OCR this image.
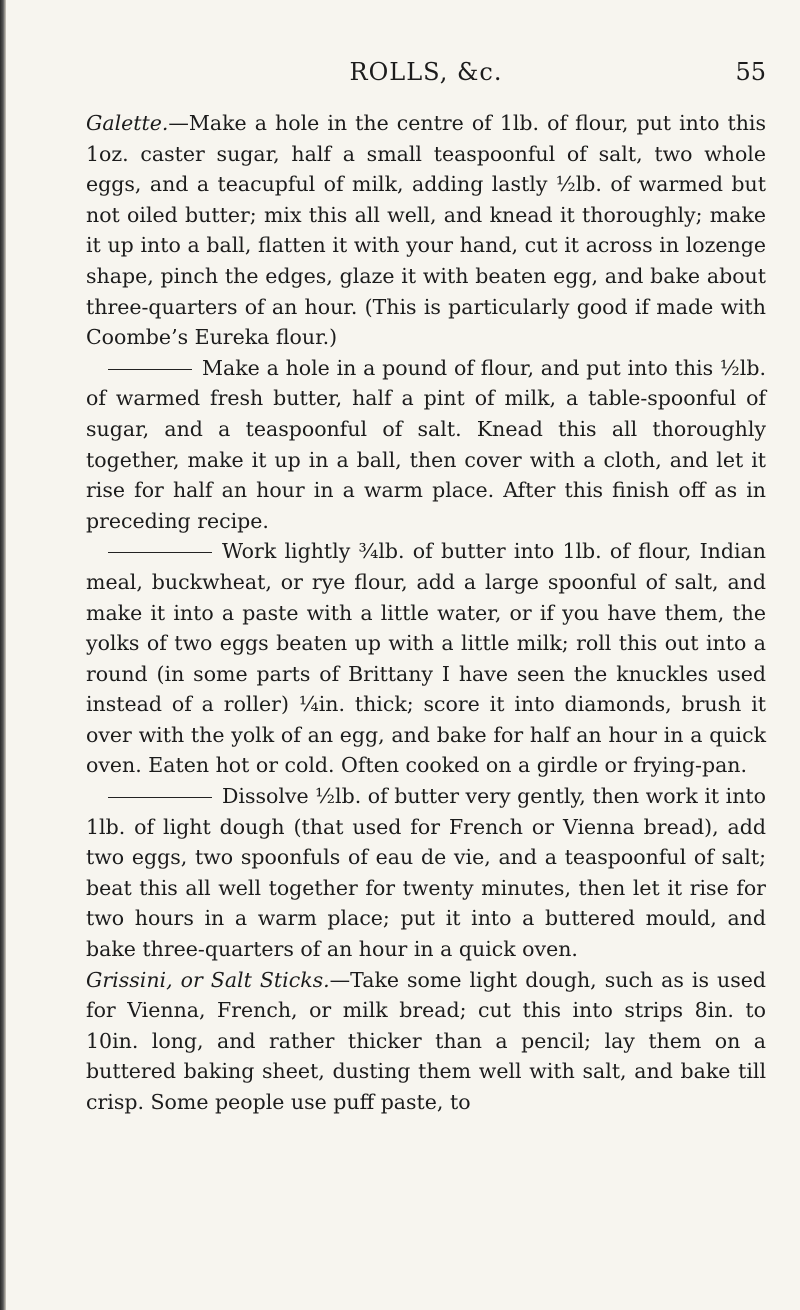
ROLLS, &c.	55

Galette.—Make a hole in the centre of 1lb. of flour, put into this 1oz. caster sugar, half a small teaspoonful of salt, two whole eggs, and a teacupful of milk, adding lastly ½lb. of warmed but not oiled butter; mix this all well, and knead it thoroughly; make it up into a ball, flatten it with your hand, cut it across in lozenge shape, pinch the edges, glaze it with beaten egg, and bake about three-quarters of an hour. (This is particularly good if made with Coombe’s Eureka flour.)

Make a hole in a pound of flour, and put into this ½lb. of warmed fresh butter, half a pint of milk, a table-spoonful of sugar, and a teaspoonful of salt. Knead this all thoroughly together, make it up in a ball, then cover with a cloth, and let it rise for half an hour in a warm place. After this finish off as in preceding recipe.

Work lightly ¾lb. of butter into 1lb. of flour, Indian meal, buckwheat, or rye flour, add a large spoonful of salt, and make it into a paste with a little water, or if you have them, the yolks of two eggs beaten up with a little milk; roll this out into a round (in some parts of Brittany I have seen the knuckles used instead of a roller) ¼in. thick; score it into diamonds, brush it over with the yolk of an egg, and bake for half an hour in a quick oven. Eaten hot or cold. Often cooked on a girdle or frying-pan.

Dissolve ½lb. of butter very gently, then work it into 1lb. of light dough (that used for French or Vienna bread), add two eggs, two spoonfuls of eau de vie, and a teaspoonful of salt; beat this all well together for twenty minutes, then let it rise for two hours in a warm place; put it into a buttered mould, and bake three-quarters of an hour in a quick oven.

Grissini, or Salt Sticks.—Take some light dough, such as is used for Vienna, French, or milk bread; cut this into strips 8in. to 10in. long, and rather thicker than a pencil; lay them on a buttered baking sheet, dusting them well with salt, and bake till crisp. Some people use puff paste, to
